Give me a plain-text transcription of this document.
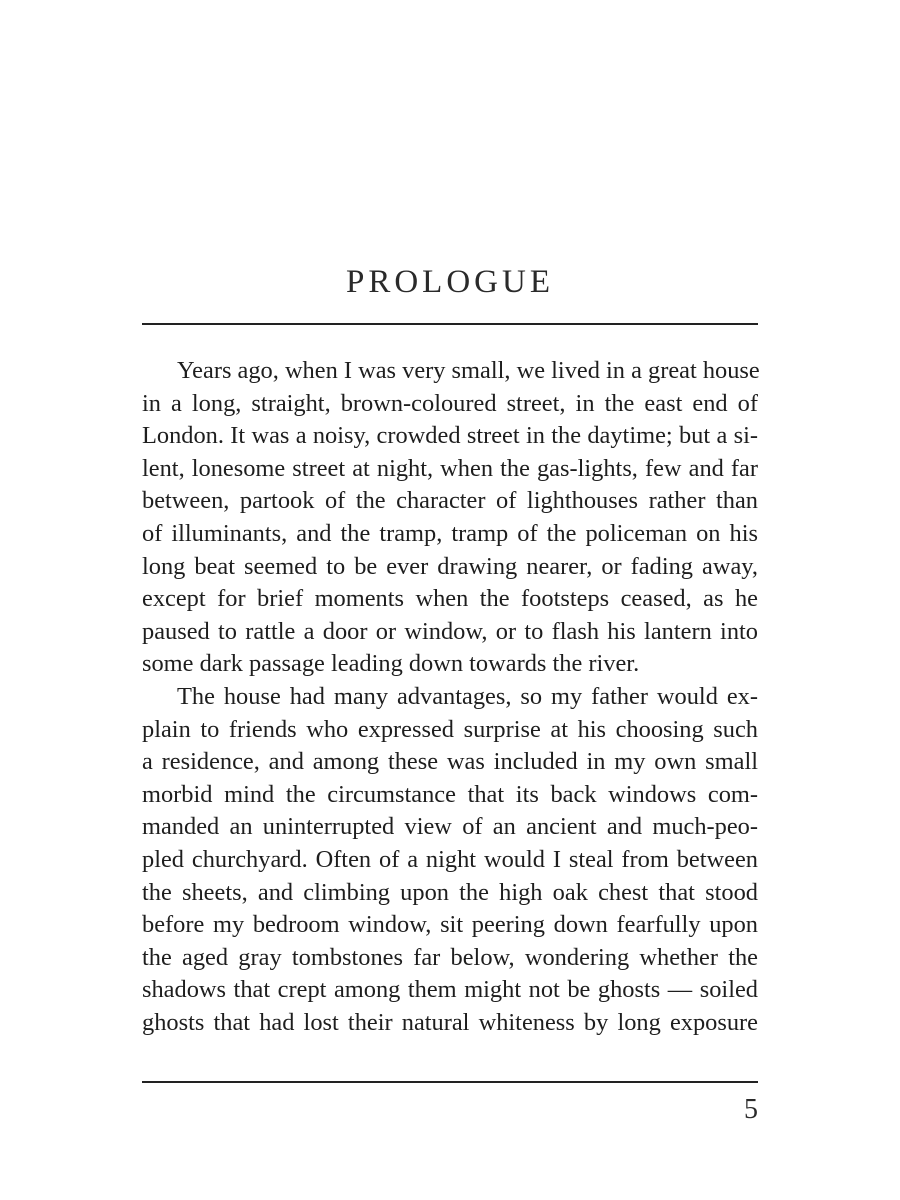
PROLOGUE
Years ago, when I was very small, we lived in a great house
in a long, straight, brown-coloured street, in the east end of
London. It was a noisy, crowded street in the daytime; but a si-
lent, lonesome street at night, when the gas-lights, few and far
between, partook of the character of lighthouses rather than
of illuminants, and the tramp, tramp of the policeman on his
long beat seemed to be ever drawing nearer, or fading away,
except for brief moments when the footsteps ceased, as he
paused to rattle a door or window, or to flash his lantern into
some dark passage leading down towards the river.
The house had many advantages, so my father would ex-
plain to friends who expressed surprise at his choosing such
a residence, and among these was included in my own small
morbid mind the circumstance that its back windows com-
manded an uninterrupted view of an ancient and much-peo-
pled churchyard. Often of a night would I steal from between
the sheets, and climbing upon the high oak chest that stood
before my bedroom window, sit peering down fearfully upon
the aged gray tombstones far below, wondering whether the
shadows that crept among them might not be ghosts — soiled
ghosts that had lost their natural whiteness by long exposure
5
